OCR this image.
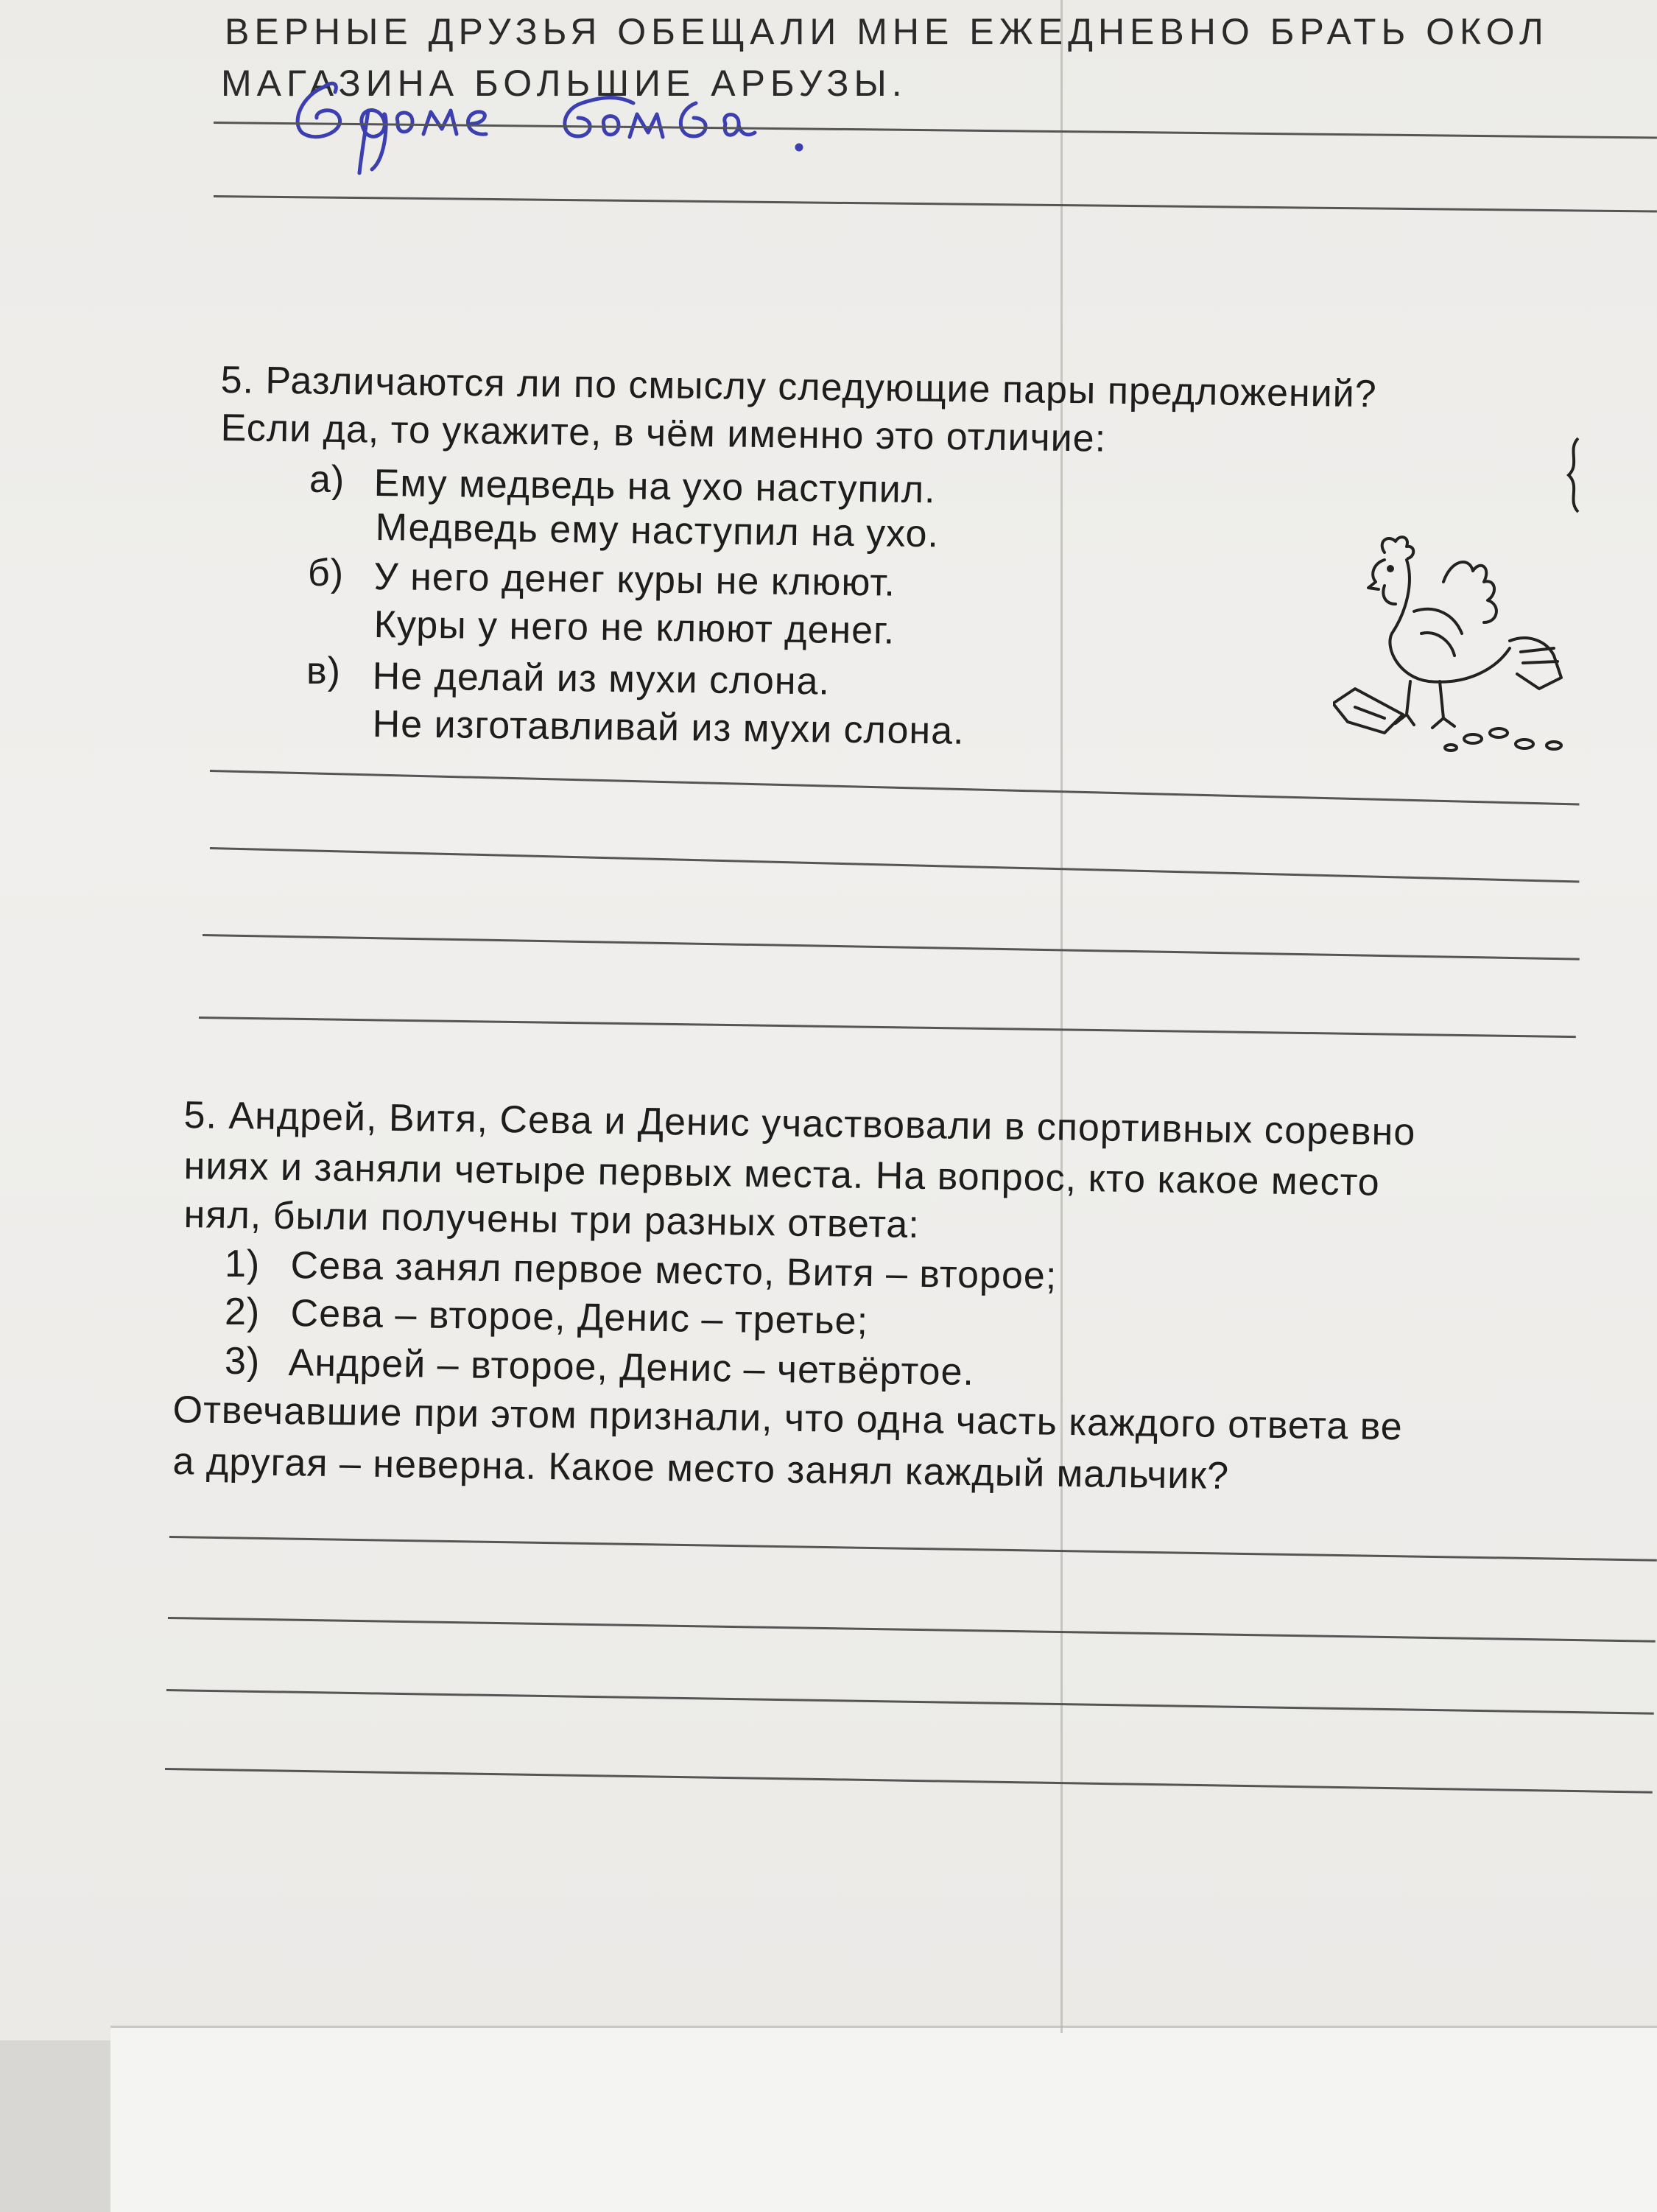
ВЕРНЫЕ ДРУЗЬЯ ОБЕЩАЛИ МНЕ ЕЖЕДНЕВНО БРАТЬ ОКОЛ
МАГАЗИНА БОЛЬШИЕ АРБУЗЫ.
5. Различаются ли по смыслу следующие пары предложений?
Если да, то укажите, в чём именно это отличие:
а) Ему медведь на ухо наступил.
Медведь ему наступил на ухо.
б) У него денег куры не клюют.
Куры у него не клюют денег.
в) Не делай из мухи слона.
Не изготавливай из мухи слона.
5. Андрей, Витя, Сева и Денис участвовали в спортивных соревно
ниях и заняли четыре первых места. На вопрос, кто какое место
нял, были получены три разных ответа:
1) Сева занял первое место, Витя – второе;
2) Сева – второе, Денис – третье;
3) Андрей – второе, Денис – четвёртое.
Отвечавшие при этом признали, что одна часть каждого ответа ве
а другая – неверна. Какое место занял каждый мальчик?
